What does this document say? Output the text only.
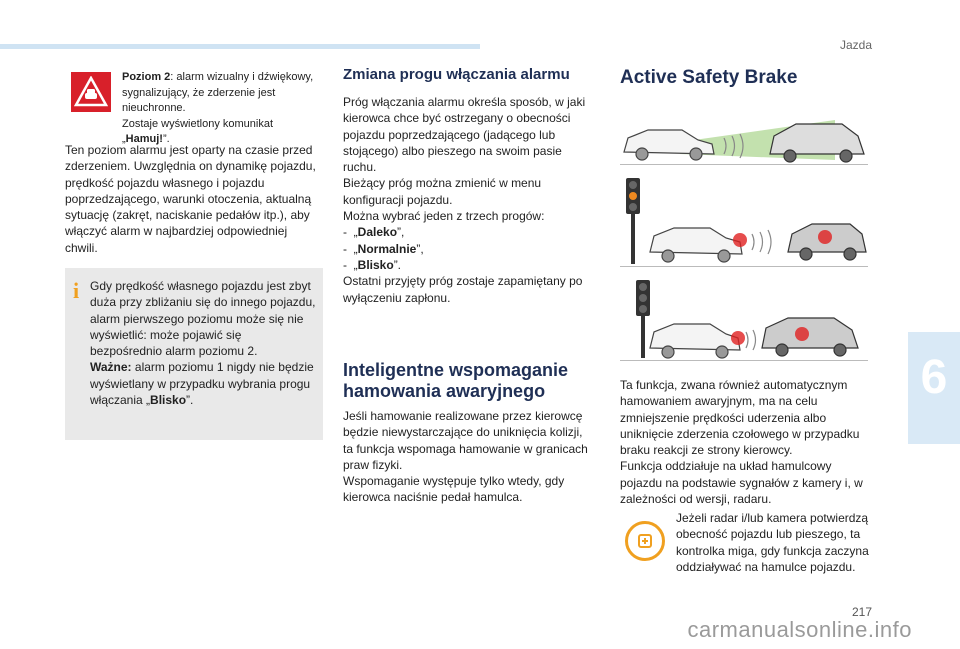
Jazda
6
Poziom 2: alarm wizualny i dźwiękowy, sygnalizujący, że zderzenie jest nieuchronne.
Zostaje wyświetlony komunikat „Hamuj!”.
Ten poziom alarmu jest oparty na czasie przed zderzeniem. Uwzględnia on dynamikę pojazdu, prędkość pojazdu własnego i pojazdu poprzedzającego, warunki otoczenia, aktualną sytuację (zakręt, naciskanie pedałów itp.), aby włączyć alarm w najbardziej odpowiedniej chwili.
i Gdy prędkość własnego pojazdu jest zbyt duża przy zbliżaniu się do innego pojazdu, alarm pierwszego poziomu może się nie wyświetlić: może pojawić się bezpośrednio alarm poziomu 2.
Ważne: alarm poziomu 1 nigdy nie będzie wyświetlany w przypadku wybrania progu włączania „Blisko”.
Zmiana progu włączania alarmu
Próg włączania alarmu określa sposób, w jaki kierowca chce być ostrzegany o obecności pojazdu poprzedzającego (jadącego lub stojącego) albo pieszego na swoim pasie ruchu.
Bieżący próg można zmienić w menu konfiguracji pojazdu.
Można wybrać jeden z trzech progów:
-  „Daleko”,
-  „Normalnie”,
-  „Blisko”.
Ostatni przyjęty próg zostaje zapamiętany po wyłączeniu zapłonu.
Inteligentne wspomaganie hamowania awaryjnego
Jeśli hamowanie realizowane przez kierowcę będzie niewystarczające do uniknięcia kolizji, ta funkcja wspomaga hamowanie w granicach praw fizyki.
Wspomaganie występuje tylko wtedy, gdy kierowca naciśnie pedał hamulca.
Active Safety Brake
Ta funkcja, zwana również automatycznym hamowaniem awaryjnym, ma na celu zmniejszenie prędkości uderzenia albo uniknięcie zderzenia czołowego w przypadku braku reakcji ze strony kierowcy.
Funkcja oddziałuje na układ hamulcowy pojazdu na podstawie sygnałów z kamery i, w zależności od wersji, radaru.
Jeżeli radar i/lub kamera potwierdzą obecność pojazdu lub pieszego, ta kontrolka miga, gdy funkcja zaczyna oddziaływać na hamulce pojazdu.
217
carmanualsonline.info
